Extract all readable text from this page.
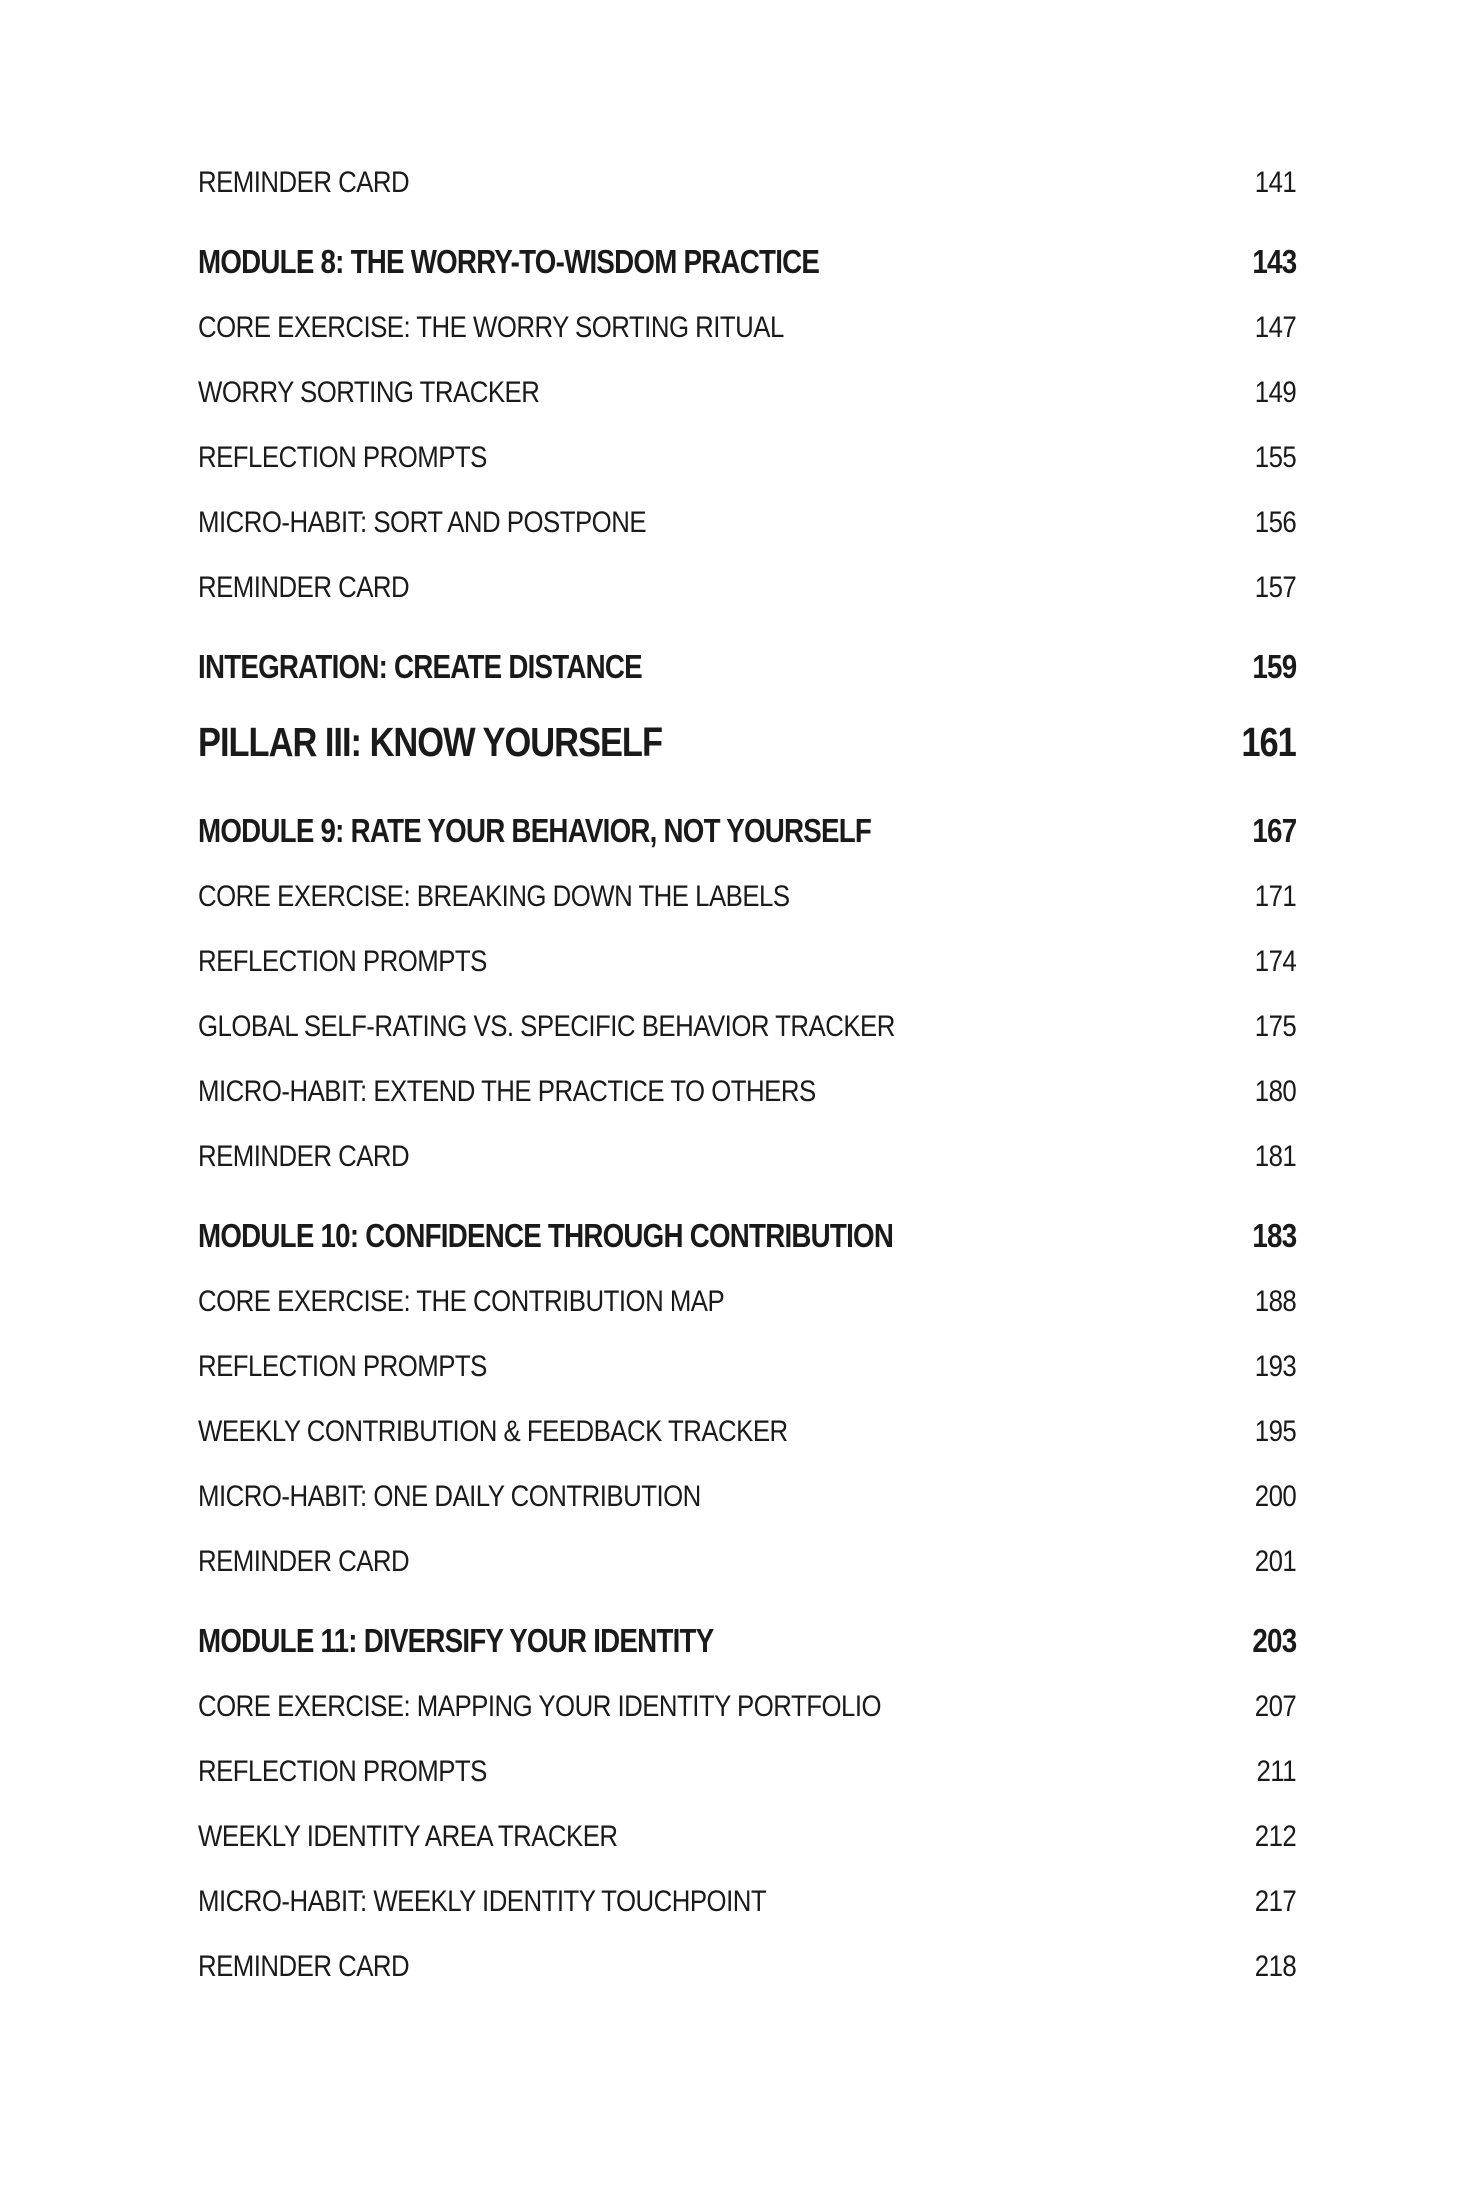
REMINDER CARD	141
MODULE 8: THE WORRY-TO-WISDOM PRACTICE	143
CORE EXERCISE: THE WORRY SORTING RITUAL	147
WORRY SORTING TRACKER	149
REFLECTION PROMPTS	155
MICRO-HABIT: SORT AND POSTPONE	156
REMINDER CARD	157
INTEGRATION: CREATE DISTANCE	159
PILLAR III: KNOW YOURSELF	161
MODULE 9: RATE YOUR BEHAVIOR, NOT YOURSELF	167
CORE EXERCISE: BREAKING DOWN THE LABELS	171
REFLECTION PROMPTS	174
GLOBAL SELF-RATING VS. SPECIFIC BEHAVIOR TRACKER	175
MICRO-HABIT: EXTEND THE PRACTICE TO OTHERS	180
REMINDER CARD	181
MODULE 10: CONFIDENCE THROUGH CONTRIBUTION	183
CORE EXERCISE: THE CONTRIBUTION MAP	188
REFLECTION PROMPTS	193
WEEKLY CONTRIBUTION & FEEDBACK TRACKER	195
MICRO-HABIT: ONE DAILY CONTRIBUTION	200
REMINDER CARD	201
MODULE 11: DIVERSIFY YOUR IDENTITY	203
CORE EXERCISE: MAPPING YOUR IDENTITY PORTFOLIO	207
REFLECTION PROMPTS	211
WEEKLY IDENTITY AREA TRACKER	212
MICRO-HABIT: WEEKLY IDENTITY TOUCHPOINT	217
REMINDER CARD	218
